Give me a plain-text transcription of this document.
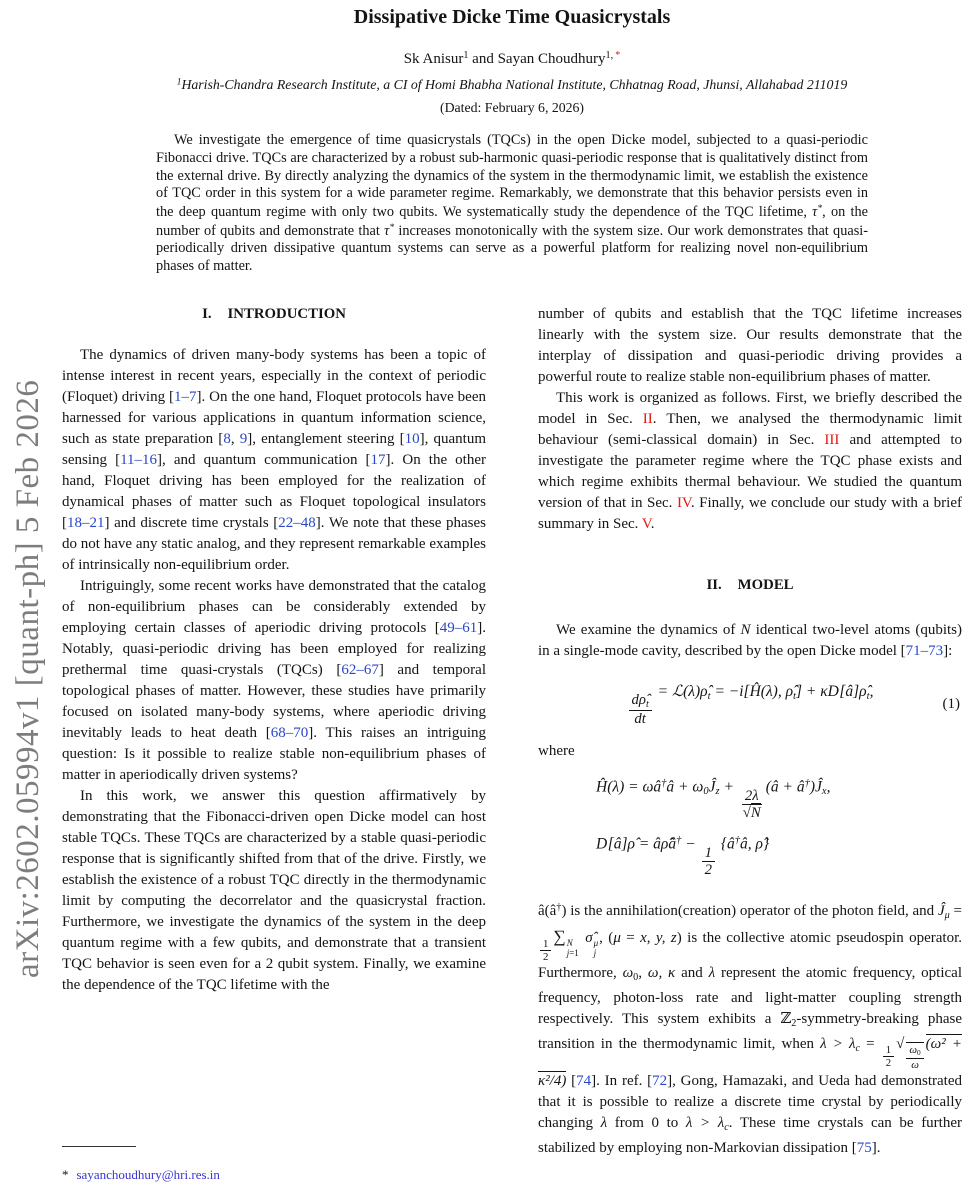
arXiv:2602.05994v1 [quant-ph] 5 Feb 2026
Dissipative Dicke Time Quasicrystals
Sk Anisur$^1$ and Sayan Choudhury$^{1,}$ *
$^1$Harish-Chandra Research Institute, a CI of Homi Bhabha National Institute, Chhatnag Road, Jhunsi, Allahabad 211019
(Dated: February 6, 2026)
We investigate the emergence of time quasicrystals (TQCs) in the open Dicke model, subjected to a quasi-periodic Fibonacci drive. TQCs are characterized by a robust sub-harmonic quasi-periodic response that is qualitatively distinct from the external drive. By directly analyzing the dynamics of the system in the thermodynamic limit, we establish the existence of TQC order in this system for a wide parameter regime. Remarkably, we demonstrate that this behavior persists even in the deep quantum regime with only two qubits. We systematically study the dependence of the TQC lifetime, τ*, on the number of qubits and demonstrate that τ* increases monotonically with the system size. Our work demonstrates that quasi-periodically driven dissipative quantum systems can serve as a powerful platform for realizing novel non-equilibrium phases of matter.
I. INTRODUCTION

The dynamics of driven many-body systems has been a topic of intense interest in recent years, especially in the context of periodic (Floquet) driving [1–7]. On the one hand, Floquet protocols have been harnessed for various applications in quantum information science, such as state preparation [8, 9], entanglement steering [10], quantum sensing [11–16], and quantum communication [17]. On the other hand, Floquet driving has been employed for the realization of dynamical phases of matter such as Floquet topological insulators [18–21] and discrete time crystals [22–48]. We note that these phases do not have any static analog, and they represent remarkable examples of intrinsically non-equilibrium order.

Intriguingly, some recent works have demonstrated that the catalog of non-equilibrium phases can be considerably extended by employing certain classes of aperiodic driving protocols [49–61]. Notably, quasi-periodic driving has been employed for realizing prethermal time quasi-crystals (TQCs) [62–67] and temporal topological phases of matter. However, these studies have primarily focused on isolated many-body systems, where aperiodic driving inevitably leads to heat death [68–70]. This raises an intriguing question: Is it possible to realize stable non-equilibrium phases of matter in aperiodically driven systems?

In this work, we answer this question affirmatively by demonstrating that the Fibonacci-driven open Dicke model can host stable TQCs. These TQCs are characterized by a stable quasi-periodic response that is significantly shifted from that of the drive. Firstly, we establish the existence of a robust TQC directly in the thermodynamic limit by computing the decorrelator and the quasicrystal fraction. Furthermore, we investigate the dynamics of the system in the deep quantum regime with a few qubits, and demonstrate that a transient TQC behavior is seen even for a 2 qubit system. Finally, we examine the dependence of the TQC lifetime with the

* sayanchoudhury@hri.res.in

number of qubits and establish that the TQC lifetime increases linearly with the system size. Our results demonstrate that the interplay of dissipation and quasi-periodic driving provides a powerful route to realize stable non-equilibrium phases of matter.

This work is organized as follows. First, we briefly described the model in Sec. II. Then, we analysed the thermodynamic limit behaviour (semi-classical domain) in Sec. III and attempted to investigate the parameter regime where the TQC phase exists and which regime exhibits thermal behaviour. We studied the quantum version of that in Sec. IV. Finally, we conclude our study with a brief summary in Sec. V.

II. MODEL

We examine the dynamics of N identical two-level atoms (qubits) in a single-mode cavity, described by the open Dicke model [71–73]:

$\frac{d\rhô_t}{dt}$
= $ℒ(\lambda)\rhô_t$ = −i[Ĥ(λ), $\rhô_t$] + $\kappa D[â]\rhô_t$,
(1)

where

Ĥ(λ) = ωâ†â + $\omega_0Ĵ_z$ +
$\frac{2\lambda}{√N}$
(â + $â^\dagger)Ĵ_x$,
D[â]ρ̂ = âρ̂â† −
$\frac{1}{2}$
{â†â, ρ̂}

â(â†) is the annihilation(creation) operator of the photon field, and $Ĵ_\mu$ =
$\frac{1}{2}$
∑ N
j=1
σ̂ μ
j
, (μ = x, y, z) is the collective atomic pseudospin operator. Furthermore, $\omega_0$, ω, κ and λ represent the atomic frequency, optical frequency, photon-loss rate and light-matter coupling strength respectively. This system exhibits a ℤ$_2$-symmetry-breaking phase transition in the thermodynamic limit, when $\lambda > \lambda_c$ =
$\frac{1}{2}$
√ $\frac{\omega_0}{\omega} (\omega^2 + \kappa^2/4)$ [74]. In ref. [72], Gong, Hamazaki, and Ueda had demonstrated that it is possible to realize a discrete time crystal by periodically changing λ from 0 to $\lambda > \lambda_c$. These time crystals can be further stabilized by employing non-Markovian dissipation [75].
